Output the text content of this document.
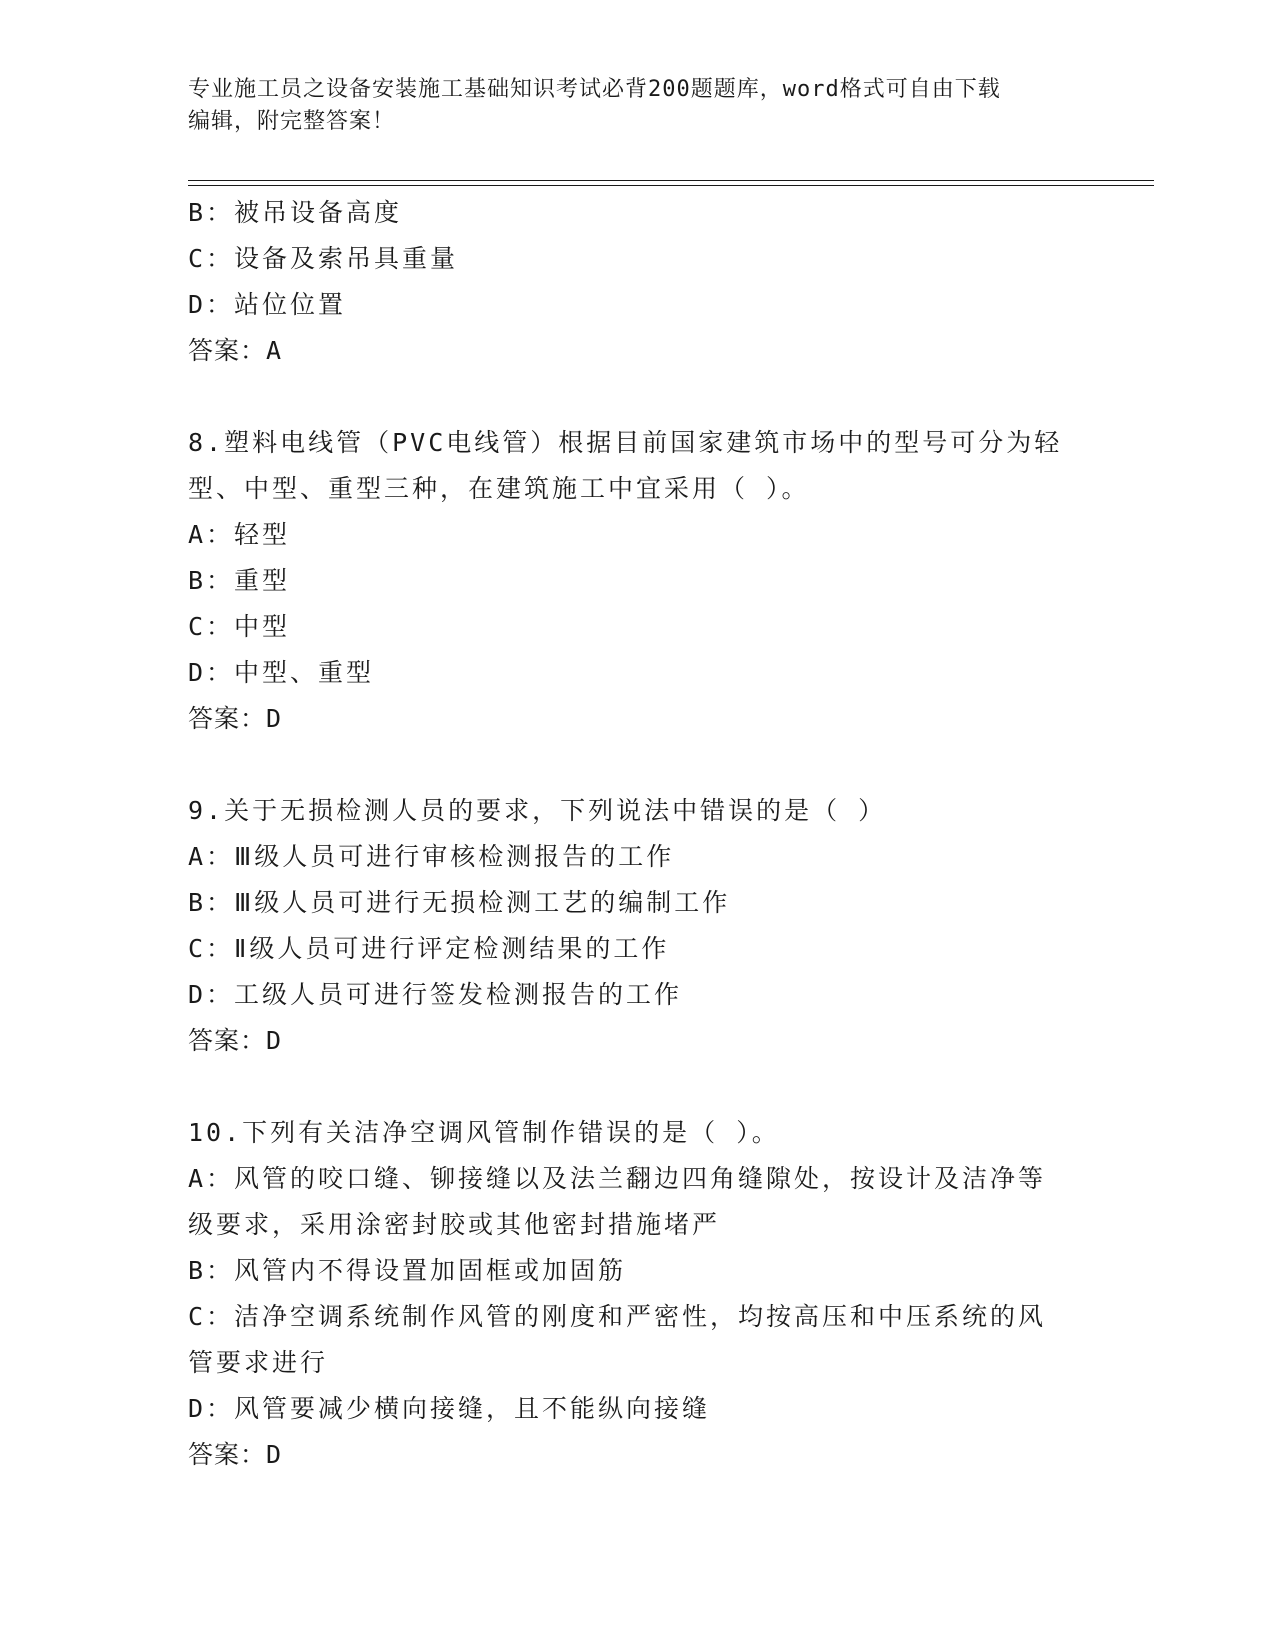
专业施工员之设备安装施工基础知识考试必背200题题库，word格式可自由下载
编辑，附完整答案！

B：被吊设备高度

C：设备及索吊具重量

D：站位位置

答案：A

8.塑料电线管（PVC电线管）根据目前国家建筑市场中的型号可分为轻

型、中型、重型三种，在建筑施工中宜采用（ ）。

A：轻型

B：重型

C：中型

D：中型、重型

答案：D

9.关于无损检测人员的要求，下列说法中错误的是（ ）

A：Ⅲ级人员可进行审核检测报告的工作

B：Ⅲ级人员可进行无损检测工艺的编制工作

C：Ⅱ级人员可进行评定检测结果的工作

D：工级人员可进行签发检测报告的工作

答案：D

10.下列有关洁净空调风管制作错误的是（ ）。

A：风管的咬口缝、铆接缝以及法兰翻边四角缝隙处，按设计及洁净等

级要求，采用涂密封胶或其他密封措施堵严

B：风管内不得设置加固框或加固筋

C：洁净空调系统制作风管的刚度和严密性，均按高压和中压系统的风

管要求进行

D：风管要减少横向接缝，且不能纵向接缝

答案：D
